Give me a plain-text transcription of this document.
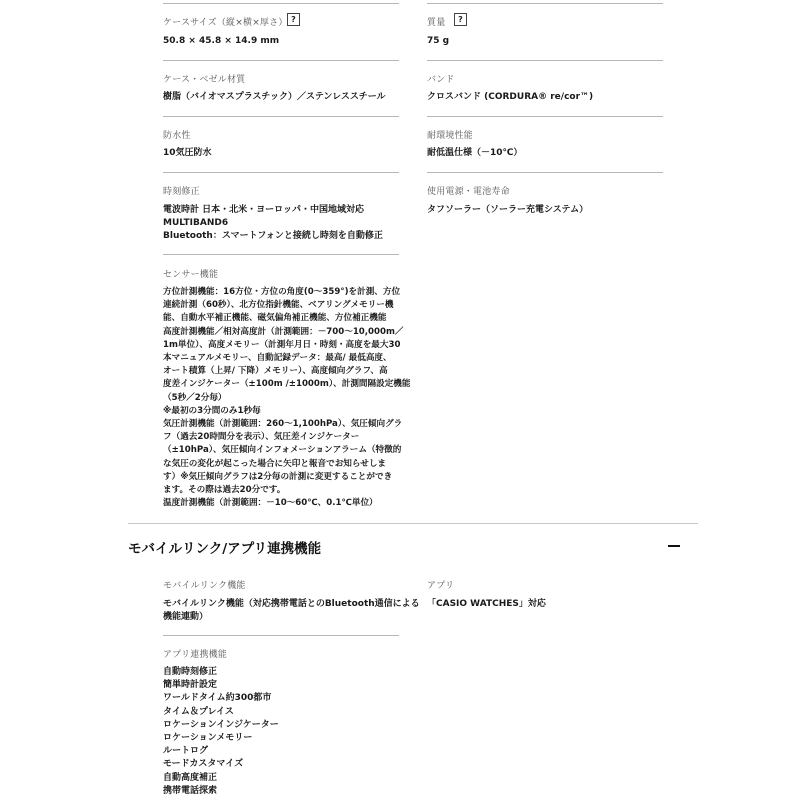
ケースサイズ（縦×横×厚さ） ?
50.8 × 45.8 × 14.9 mm
質量	?
75 g
ケース・ベゼル材質
樹脂（バイオマスプラスチック）／ステンレススチール
バンド
クロスバンド (CORDURA® re/cor™)
防水性
10気圧防水
耐環境性能
耐低温仕様（－10℃）
時刻修正
電波時計 日本・北米・ヨーロッパ・中国地域対応
MULTIBAND6
Bluetooth：スマートフォンと接続し時刻を自動修正
使用電源・電池寿命
タフソーラー（ソーラー充電システム）
センサー機能
方位計測機能：16方位・方位の角度(0～359°)を計測、方位
連続計測（60秒）、北方位指針機能、ベアリングメモリー機
能、自動水平補正機能、磁気偏角補正機能、方位補正機能
高度計測機能／相対高度計（計測範囲：－700～10,000m／
1m単位）、高度メモリー（計測年月日・時刻・高度を最大30
本マニュアルメモリー、自動記録データ：最高/ 最低高度、
オート積算（上昇/ 下降）メモリー）、高度傾向グラフ、高
度差インジケーター（±100m /±1000m）、計測間隔設定機能
（5秒／2分毎）
※最初の3分間のみ1秒毎
気圧計測機能（計測範囲：260～1,100hPa）、気圧傾向グラ
フ（過去20時間分を表示）、気圧差インジケーター
（±10hPa）、気圧傾向インフォメーションアラーム（特徴的
な気圧の変化が起こった場合に矢印と報音でお知らせしま
す）※気圧傾向グラフは2分毎の計測に変更することができ
ます。その際は過去20分です。
温度計測機能（計測範囲：－10～60℃、0.1℃単位）
モバイルリンク/アプリ連携機能
モバイルリンク機能
モバイルリンク機能（対応携帯電話とのBluetooth通信による
機能連動）
アプリ
「CASIO WATCHES」対応
アプリ連携機能
自動時刻修正
簡単時計設定
ワールドタイム約300都市
タイム＆プレイス
ロケーションインジケーター
ロケーションメモリー
ルートログ
モードカスタマイズ
自動高度補正
携帯電話探索
